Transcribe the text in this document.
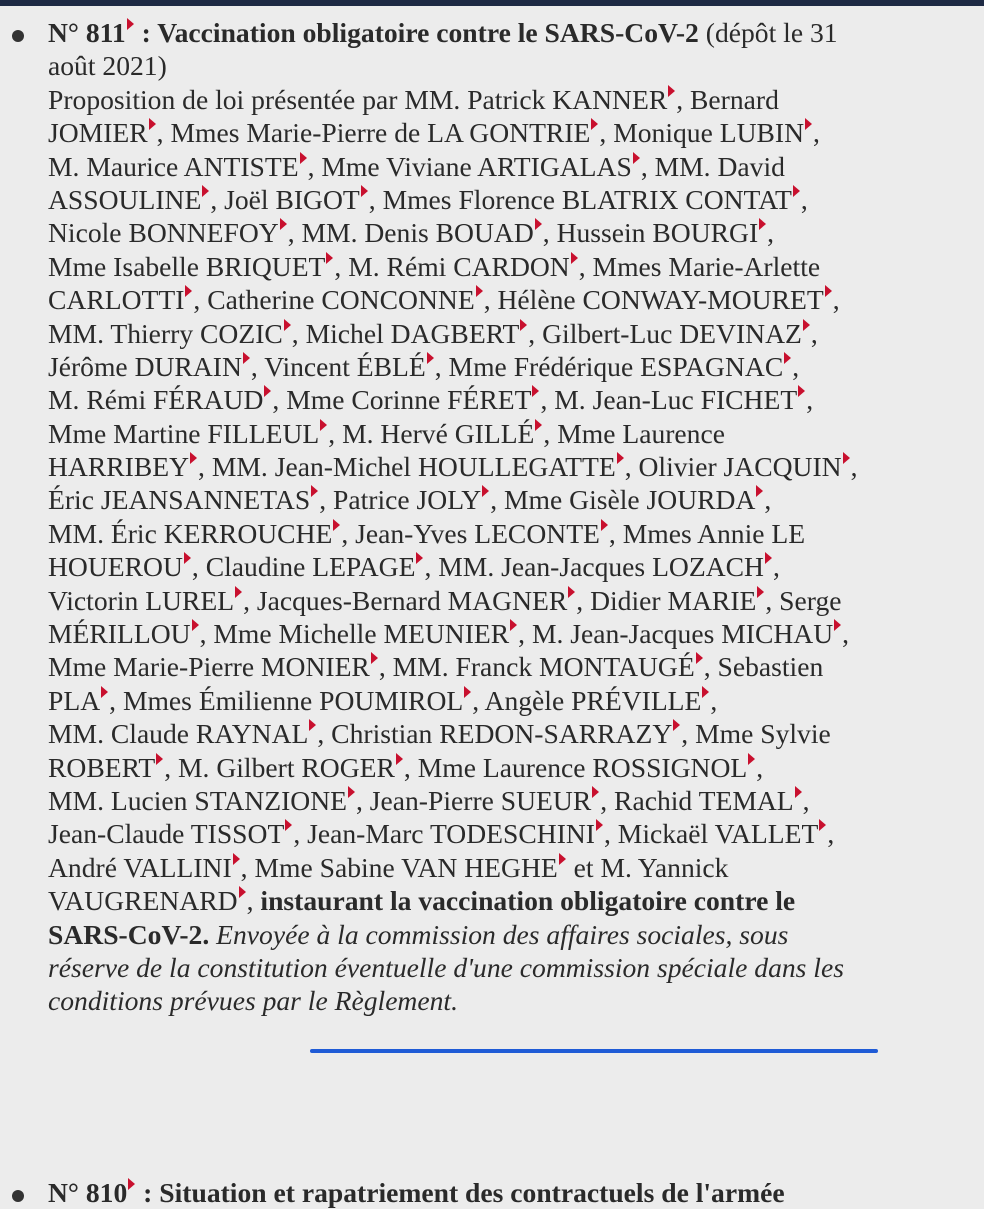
N° 811 : Vaccination obligatoire contre le SARS-CoV-2 (dépôt le 31
août 2021)
Proposition de loi présentée par MM. Patrick KANNER , Bernard
JOMIER , Mmes Marie-Pierre de LA GONTRIE , Monique LUBIN ,
M. Maurice ANTISTE , Mme Viviane ARTIGALAS , MM. David
ASSOULINE , Joël BIGOT , Mmes Florence BLATRIX CONTAT ,
Nicole BONNEFOY , MM. Denis BOUAD , Hussein BOURGI ,
Mme Isabelle BRIQUET , M. Rémi CARDON , Mmes Marie-Arlette
CARLOTTI , Catherine CONCONNE , Hélène CONWAY-MOURET ,
MM. Thierry COZIC , Michel DAGBERT , Gilbert-Luc DEVINAZ ,
Jérôme DURAIN , Vincent ÉBLÉ , Mme Frédérique ESPAGNAC ,
M. Rémi FÉRAUD , Mme Corinne FÉRET , M. Jean-Luc FICHET ,
Mme Martine FILLEUL , M. Hervé GILLÉ , Mme Laurence
HARRIBEY , MM. Jean-Michel HOULLEGATTE , Olivier JACQUIN ,
Éric JEANSANNETAS , Patrice JOLY , Mme Gisèle JOURDA ,
MM. Éric KERROUCHE , Jean-Yves LECONTE , Mmes Annie LE
HOUEROU , Claudine LEPAGE , MM. Jean-Jacques LOZACH ,
Victorin LUREL , Jacques-Bernard MAGNER , Didier MARIE , Serge
MÉRILLOU , Mme Michelle MEUNIER , M. Jean-Jacques MICHAU ,
Mme Marie-Pierre MONIER , MM. Franck MONTAUGÉ , Sebastien
PLA , Mmes Émilienne POUMIROL , Angèle PRÉVILLE ,
MM. Claude RAYNAL , Christian REDON-SARRAZY , Mme Sylvie
ROBERT , M. Gilbert ROGER , Mme Laurence ROSSIGNOL ,
MM. Lucien STANZIONE , Jean-Pierre SUEUR , Rachid TEMAL ,
Jean-Claude TISSOT , Jean-Marc TODESCHINI , Mickaël VALLET ,
André VALLINI , Mme Sabine VAN HEGHE et M. Yannick
VAUGRENARD , instaurant la vaccination obligatoire contre le
SARS-CoV-2. Envoyée à la commission des affaires sociales, sous
réserve de la constitution éventuelle d'une commission spéciale dans les
conditions prévues par le Règlement.
N° 810 : Situation et rapatriement des contractuels de l'armée
